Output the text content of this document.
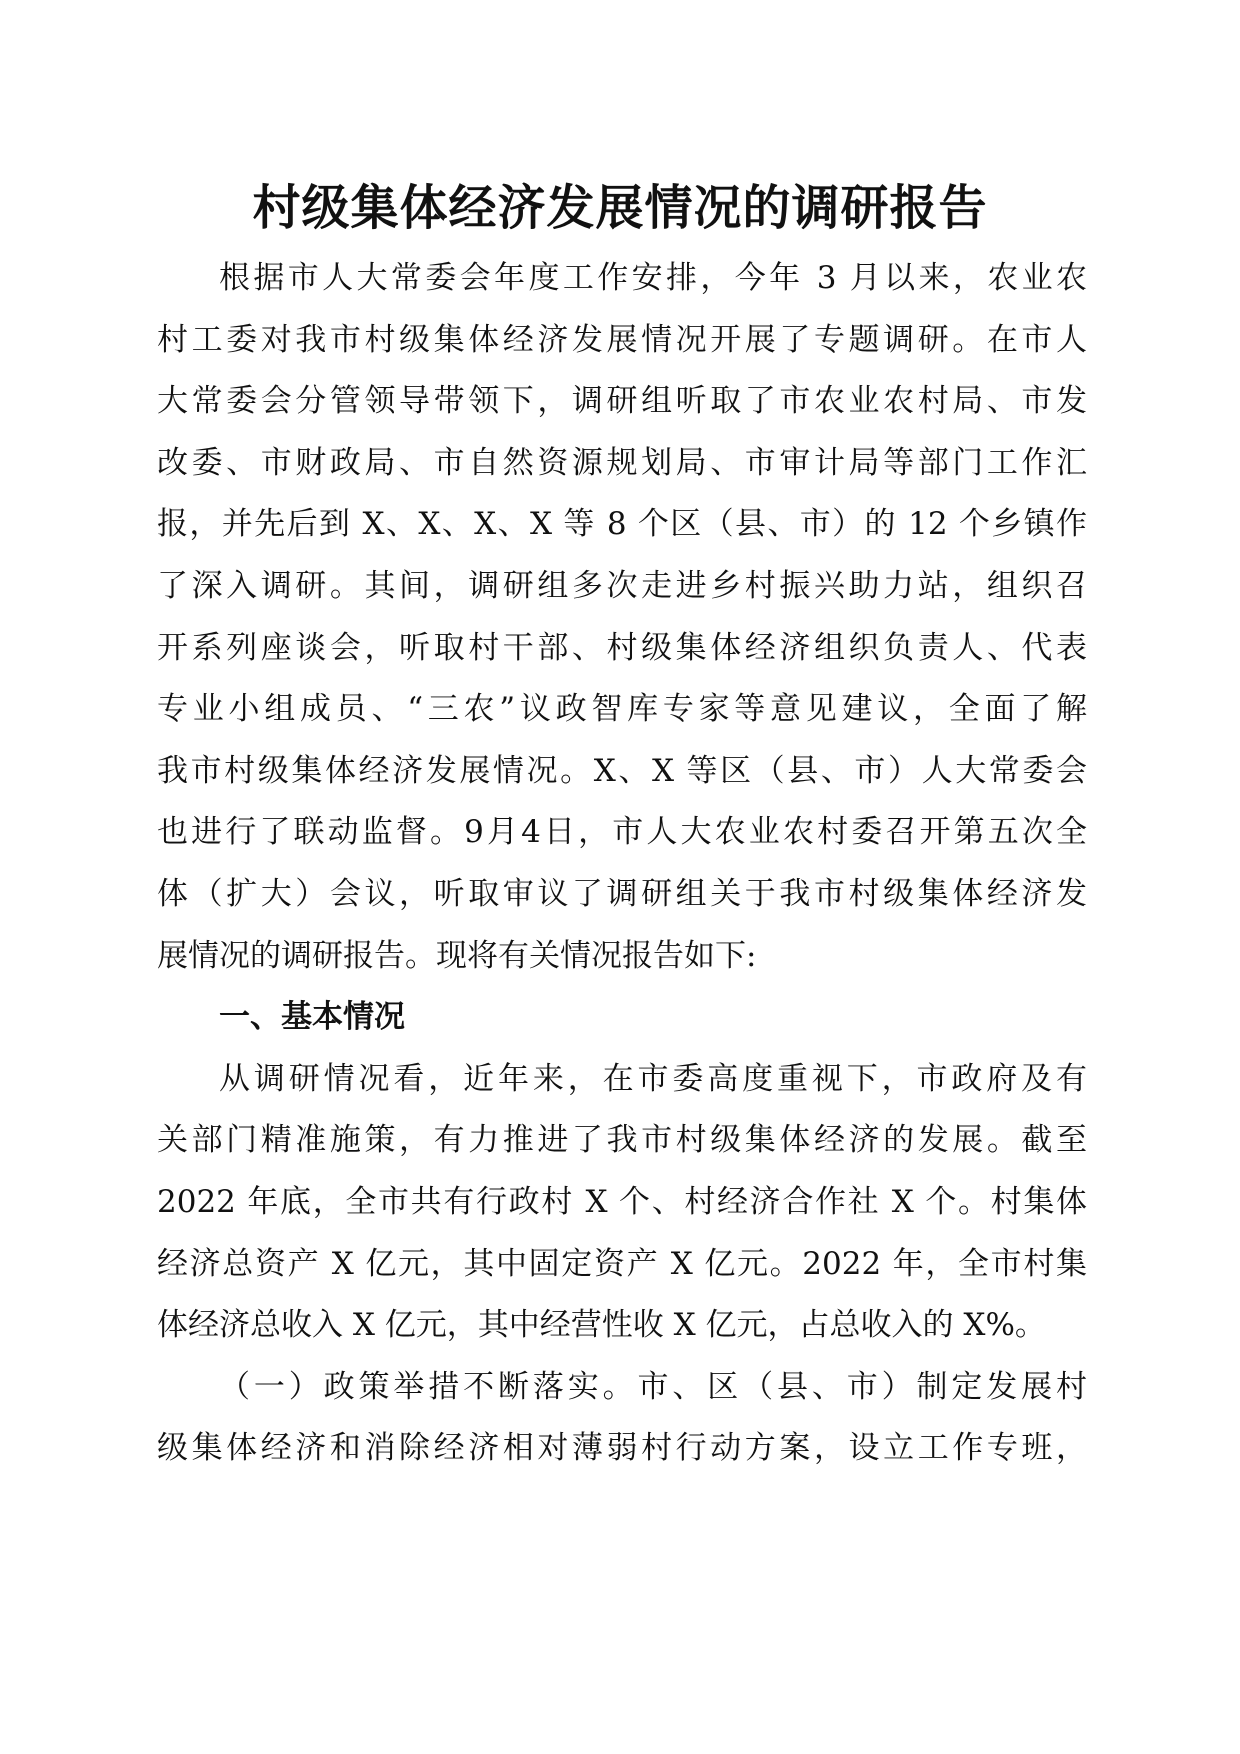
村级集体经济发展情况的调研报告
根据市人大常委会年度工作安排，今年 3 月以来，农业农
村工委对我市村级集体经济发展情况开展了专题调研。在市人
大常委会分管领导带领下，调研组听取了市农业农村局、市发
改委、市财政局、市自然资源规划局、市审计局等部门工作汇
报，并先后到 X、X、X、X 等 8 个区（县、市）的 12 个乡镇作
了深入调研。其间，调研组多次走进乡村振兴助力站，组织召
开系列座谈会，听取村干部、村级集体经济组织负责人、代表
专业小组成员、“三农”议政智库专家等意见建议，全面了解
我市村级集体经济发展情况。X、X 等区（县、市）人大常委会
也进行了联动监督。9月4日，市人大农业农村委召开第五次全
体（扩大）会议，听取审议了调研组关于我市村级集体经济发
展情况的调研报告。现将有关情况报告如下:
一、基本情况
从调研情况看，近年来，在市委高度重视下，市政府及有
关部门精准施策，有力推进了我市村级集体经济的发展。截至
2022 年底，全市共有行政村 X 个、村经济合作社 X 个。村集体
经济总资产 X 亿元，其中固定资产 X 亿元。2022 年，全市村集
体经济总收入 X 亿元，其中经营性收 X 亿元，占总收入的 X%。
（一）政策举措不断落实。市、区（县、市）制定发展村
级集体经济和消除经济相对薄弱村行动方案，设立工作专班，
